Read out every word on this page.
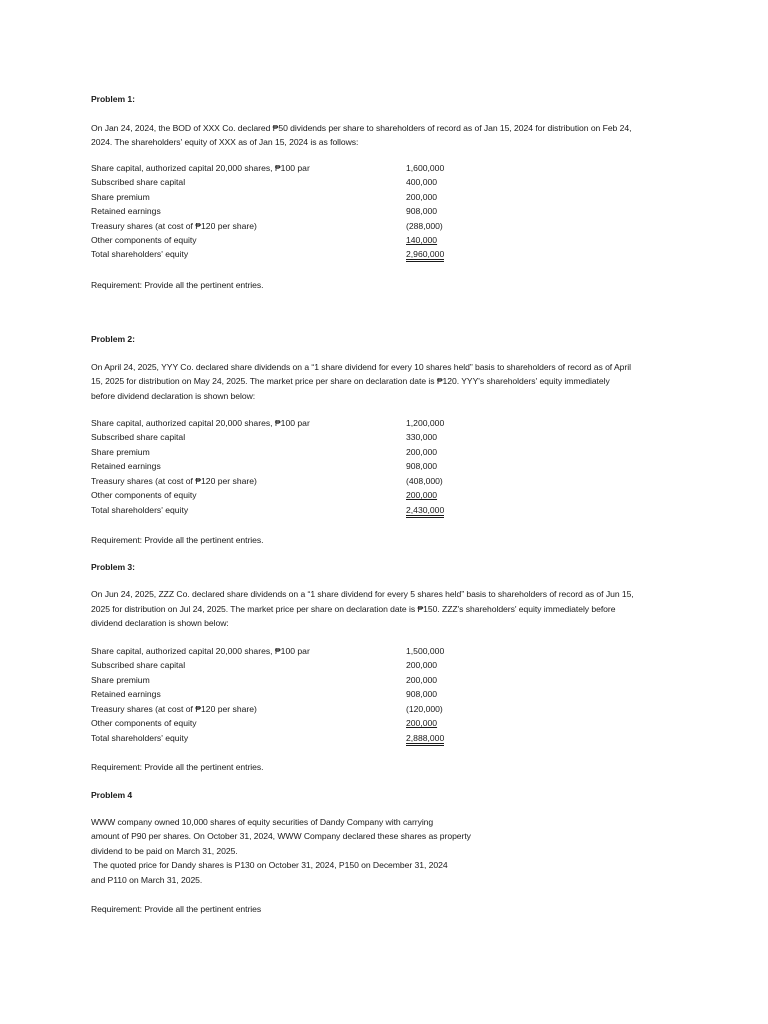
Problem 1:
On Jan 24, 2024, the BOD of XXX Co. declared ₱50 dividends per share to shareholders of record as of Jan 15, 2024 for distribution on Feb 24,
2024. The shareholders' equity of XXX as of Jan 15, 2024 is as follows:
Share capital, authorized capital 20,000 shares, ₱100 par	1,600,000
Subscribed share capital	400,000
Share premium	200,000
Retained earnings	908,000
Treasury shares (at cost of ₱120 per share)	(288,000)
Other components of equity	140,000
Total shareholders' equity	2,960,000
Requirement: Provide all the pertinent entries.
Problem 2:
On April 24, 2025, YYY Co. declared share dividends on a “1 share dividend for every 10 shares held” basis to shareholders of record as of April
15, 2025 for distribution on May 24, 2025. The market price per share on declaration date is ₱120. YYY's shareholders' equity immediately
before dividend declaration is shown below:
Share capital, authorized capital 20,000 shares, ₱100 par	1,200,000
Subscribed share capital	330,000
Share premium	200,000
Retained earnings	908,000
Treasury shares (at cost of ₱120 per share)	(408,000)
Other components of equity	200,000
Total shareholders' equity	2,430,000
Requirement: Provide all the pertinent entries.
Problem 3:
On Jun 24, 2025, ZZZ Co. declared share dividends on a “1 share dividend for every 5 shares held” basis to shareholders of record as of Jun 15,
2025 for distribution on Jul 24, 2025. The market price per share on declaration date is ₱150. ZZZ's shareholders' equity immediately before
dividend declaration is shown below:
Share capital, authorized capital 20,000 shares, ₱100 par	1,500,000
Subscribed share capital	200,000
Share premium	200,000
Retained earnings	908,000
Treasury shares (at cost of ₱120 per share)	(120,000)
Other components of equity	200,000
Total shareholders' equity	2,888,000
Requirement: Provide all the pertinent entries.
Problem 4
WWW company owned 10,000 shares of equity securities of Dandy Company with carrying
amount of P90 per shares. On October 31, 2024, WWW Company declared these shares as property
dividend to be paid on March 31, 2025.
The quoted price for Dandy shares is P130 on October 31, 2024, P150 on December 31, 2024
and P110 on March 31, 2025.
Requirement: Provide all the pertinent entries
